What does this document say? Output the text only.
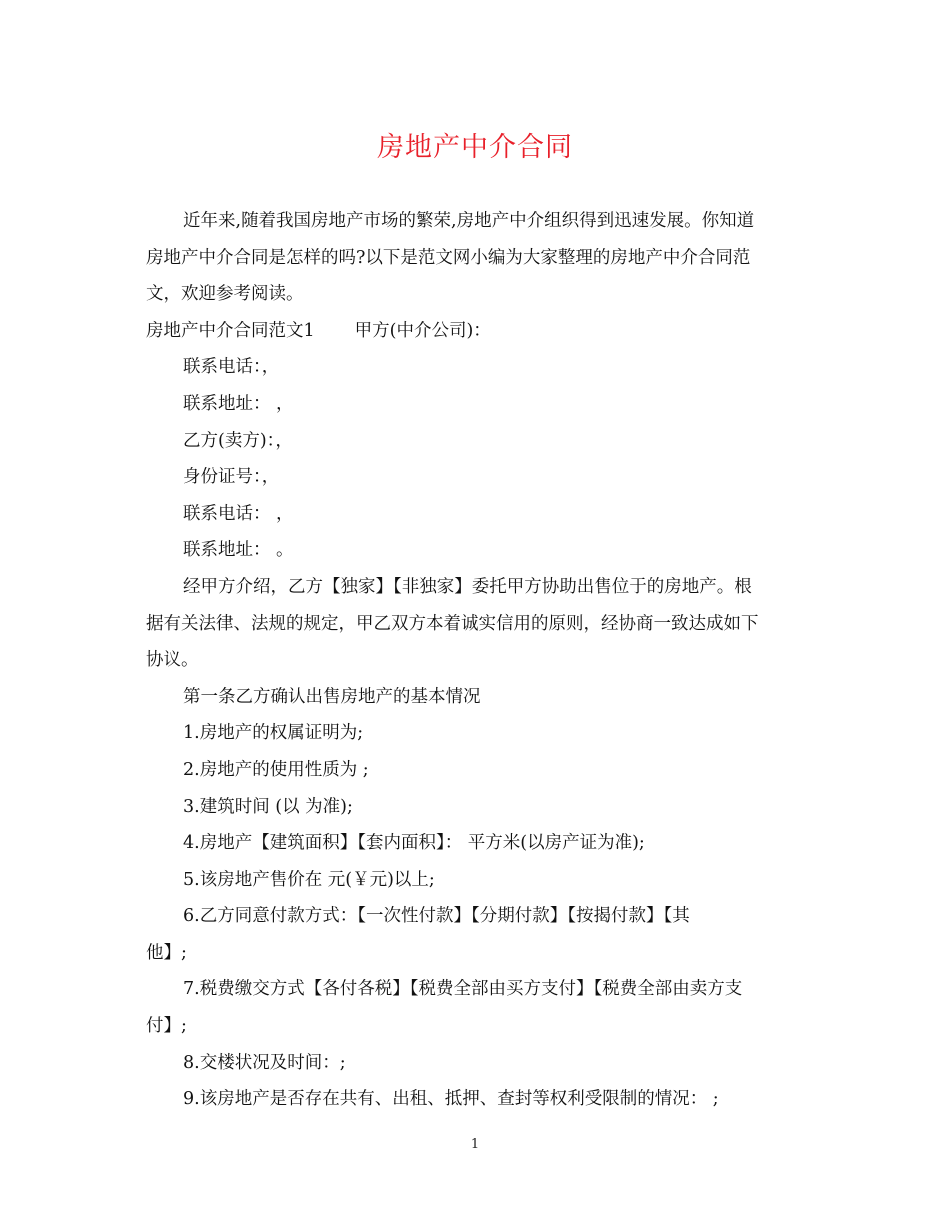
房地产中介合同

近年来,随着我国房地产市场的繁荣,房地产中介组织得到迅速发展。你知道

房地产中介合同是怎样的吗?以下是范文网小编为大家整理的房地产中介合同范

文，欢迎参考阅读。

房地产中介合同范文1 甲方(中介公司)：

联系电话：，

联系地址： ，

乙方(卖方)：，

身份证号：，

联系电话： ，

联系地址： 。

经甲方介绍，乙方【独家】【非独家】委托甲方协助出售位于的房地产。根

据有关法律、法规的规定，甲乙双方本着诚实信用的原则，经协商一致达成如下

协议。

第一条乙方确认出售房地产的基本情况

1.房地产的权属证明为;

2.房地产的使用性质为 ;

3.建筑时间 (以 为准);

4.房地产【建筑面积】【套内面积】： 平方米(以房产证为准);

5.该房地产售价在 元(￥元)以上;

6.乙方同意付款方式：【一次性付款】【分期付款】【按揭付款】【其

他】;

7.税费缴交方式【各付各税】【税费全部由买方支付】【税费全部由卖方支

付】;

8.交楼状况及时间：;

9.该房地产是否存在共有、出租、抵押、查封等权利受限制的情况： ;

1
